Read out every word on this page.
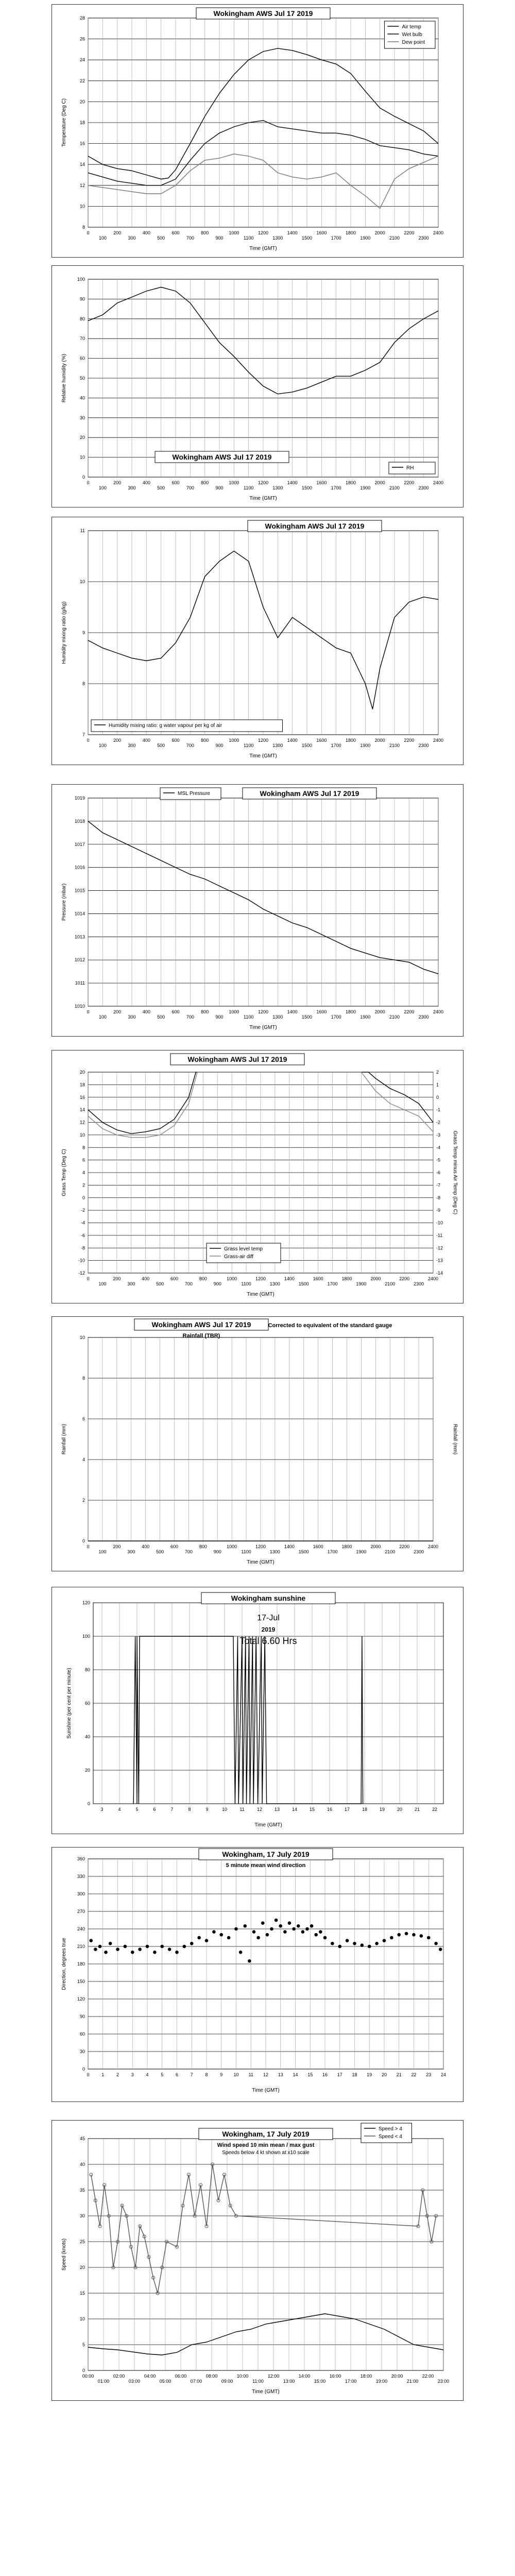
8
10
12
14
16
18
20
22
24
26
28
0
100
200
300
400
500
600
700
800
900
1000
1100
1200
1300
1400
1500
1600
1700
1800
1900
2000
2100
2200
2300
2400
Time (GMT)
Temperature (Deg C)
Wokingham AWS Jul 17 2019
Air temp
Wet bulb
Dew point
0
10
20
30
40
50
60
70
80
90
100
0
100
200
300
400
500
600
700
800
900
1000
1100
1200
1300
1400
1500
1600
1700
1800
1900
2000
2100
2200
2300
2400
Time (GMT)
Relative humidity (%)
Wokingham AWS Jul 17 2019
RH
7
8
9
10
11
0
100
200
300
400
500
600
700
800
900
1000
1100
1200
1300
1400
1500
1600
1700
1800
1900
2000
2100
2200
2300
2400
Time (GMT)
Humidity mixing ratio (g/kg)
Wokingham AWS Jul 17 2019
Humidity mixing ratio: g water vapour per kg of air
1010
1011
1012
1013
1014
1015
1016
1017
1018
1019
0
100
200
300
400
500
600
700
800
900
1000
1100
1200
1300
1400
1500
1600
1700
1800
1900
2000
2100
2200
2300
2400
Time (GMT)
Pressure (mbar)
Wokingham AWS Jul 17 2019
MSL Pressure
-12
-10
-8
-6
-4
-2
0
2
4
6
8
10
12
14
16
18
20	2
1
0
-1
-2
-3
-4
-5
-6
-7
-8
-9
-10
-11
-12
-13
-14
0
100
200
300
400
500
600
700
800
900
1000
1100
1200
1300
1400
1500
1600
1700
1800
1900
2000
2100
2200
2300
2400
Time (GMT)
Grass Temp (Deg C)	Grass Temp minus Air Temp (Deg C)
Wokingham AWS Jul 17 2019
Grass level temp
Grass-air diff
0
2
4
6
8
10
0
100
200
300
400
500
600
700
800
900
1000
1100
1200
1300
1400
1500
1600
1700
1800
1900
2000
2100
2200
2300
2400
Time (GMT)
Rainfall (mm)	Rainfall (mm)
Wokingham AWS Jul 17 2019
Rainfall (TBR)
Corrected to equivalent of the standard gauge
0
20
40
60
80
100
120
3	4	5	6	7	8	9	10	11	12	13	14	15	16	17	18	19	20	21	22
Time (GMT)
Sunshine (per cent per minute)
Wokingham sunshine
17-Jul
2019
Total 6.60 Hrs
0
30
60
90
120
150
180
210
240
270
300
330
360
0	1	2	3	4	5	6	7	8	9 10 11 12 13 14 15 16 17 18 19 20 21 22 23 24
Time (GMT)
Direction, degrees true
Wokingham, 17 July 2019
5 minute mean wind direction
0
5
10
15
20
25
30
35
40
45
00:00
01:00
02:00
03:00
04:00
05:00
06:00
07:00
08:00
09:00
10:00
11:00
12:00
13:00
14:00
15:00
16:00
17:00
18:00
19:00
20:00
21:00
22:00
23:00
Time (GMT)
Speed (knots)
Wokingham, 17 July 2019
Wind speed 10 min mean / max gust
Speeds below 4 kt shown at x10 scale
Speed > 4
Speed < 4
